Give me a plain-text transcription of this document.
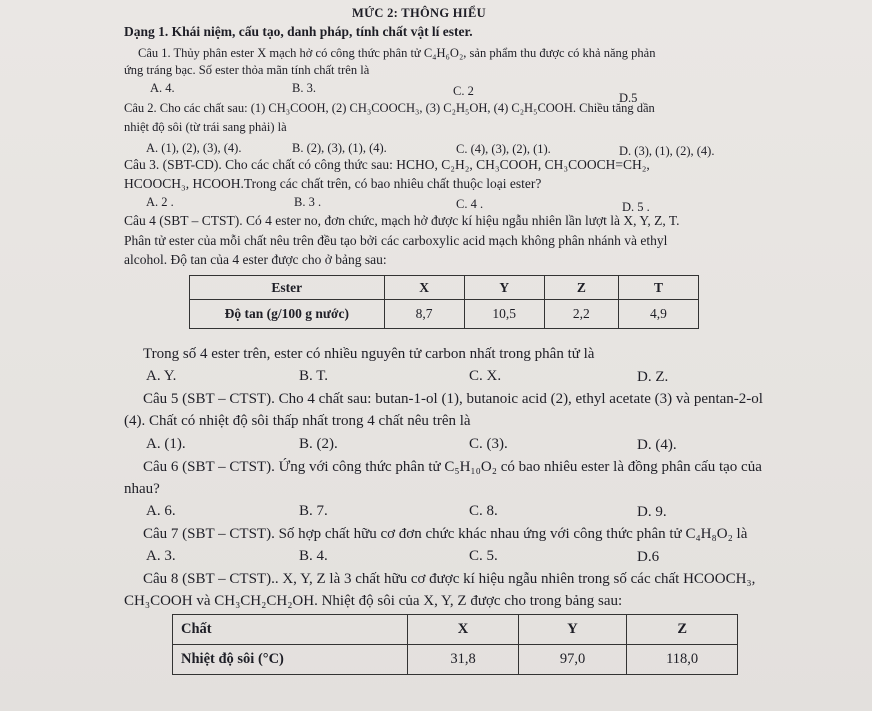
MỨC 2: THÔNG HIỂU
Dạng 1. Khái niệm, cấu tạo, danh pháp, tính chất vật lí ester.
Câu 1. Thủy phân ester X mạch hở có công thức phân tử C₄H₆O₂, sản phẩm thu được có khả năng phản
ứng tráng bạc. Số ester thỏa mãn tính chất trên là
A. 4.	B. 3.	C. 2	D.5
Câu 2. Cho các chất sau: (1) CH₃COOH, (2) CH₃COOCH₃, (3) C₂H₅OH, (4) C₂H₅COOH. Chiều tăng dần
nhiệt độ sôi (từ trái sang phải) là
A. (1), (2), (3), (4).	B. (2), (3), (1), (4).	C. (4), (3), (2), (1).	D. (3), (1), (2), (4).
Câu 3. (SBT-CD). Cho các chất có công thức sau: HCHO, C₂H₂, CH₃COOH, CH₃COOCH=CH₂,
HCOOCH₃, HCOOH.Trong các chất trên, có bao nhiêu chất thuộc loại ester?
A. 2 .	B. 3 .	C. 4 .	D. 5 .
Câu 4 (SBT – CTST). Có 4 ester no, đơn chức, mạch hở được kí hiệu ngẫu nhiên lần lượt là X, Y, Z, T.
Phân tử ester của mỗi chất nêu trên đều tạo bởi các carboxylic acid mạch không phân nhánh và ethyl
alcohol. Độ tan của 4 ester được cho ở bảng sau:
Ester	X	Y	Z	T
Độ tan (g/100 g nước)	8,7	10,5	2,2	4,9
Trong số 4 ester trên, ester có nhiều nguyên tử carbon nhất trong phân tử là
A. Y.	B. T.	C. X.	D. Z.
Câu 5 (SBT – CTST). Cho 4 chất sau: butan-1-ol (1), butanoic acid (2), ethyl acetate (3) và pentan-2-ol
(4). Chất có nhiệt độ sôi thấp nhất trong 4 chất nêu trên là
A. (1).	B. (2).	C. (3).	D. (4).
Câu 6 (SBT – CTST). Ứng với công thức phân tử C₅H₁₀O₂ có bao nhiêu ester là đồng phân cấu tạo của
nhau?
A. 6.	B. 7.	C. 8.	D. 9.
Câu 7 (SBT – CTST). Số hợp chất hữu cơ đơn chức khác nhau ứng với công thức phân tử C₄H₈O₂ là
A. 3.	B. 4.	C. 5.	D.6
Câu 8 (SBT – CTST).. X, Y, Z là 3 chất hữu cơ được kí hiệu ngẫu nhiên trong số các chất HCOOCH₃,
CH₃COOH và CH₃CH₂CH₂OH. Nhiệt độ sôi của X, Y, Z được cho trong bảng sau:
Chất	X	Y	Z
Nhiệt độ sôi (°C)	31,8	97,0	118,0
